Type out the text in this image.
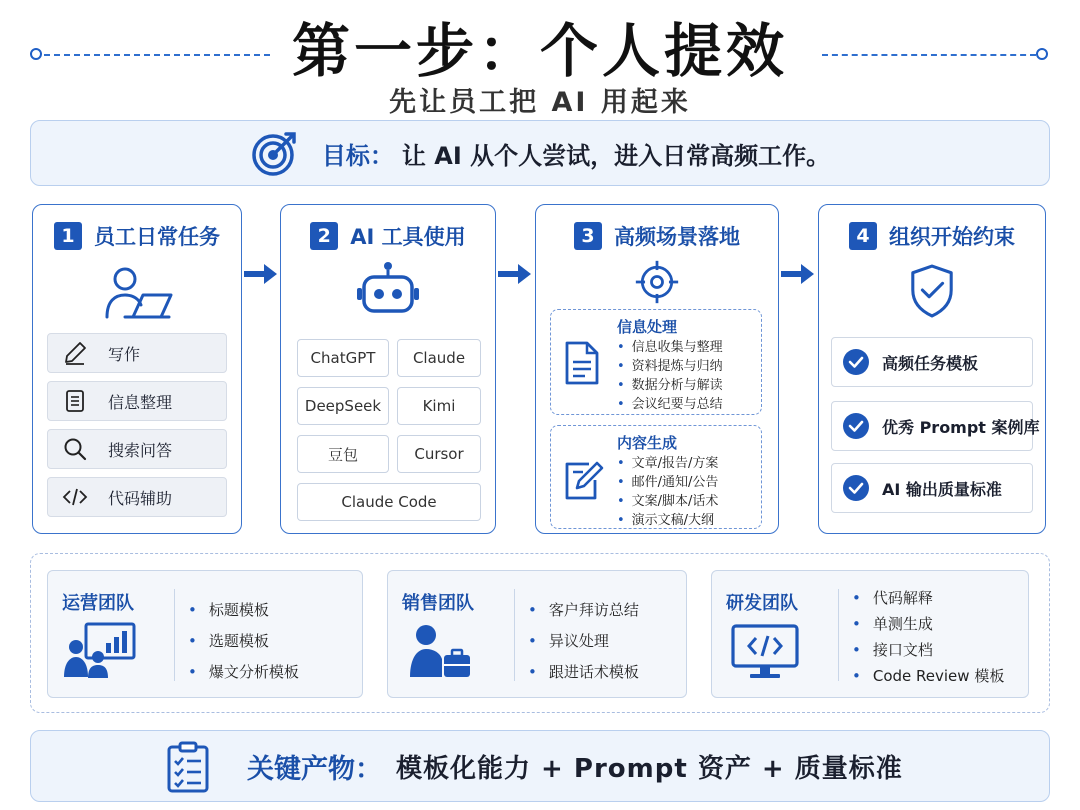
第一步：个人提效
先让员工把 AI 用起来
目标： 让 AI 从个人尝试，进入日常高频工作。
1 员工日常任务
写作
信息整理
搜索问答
代码辅助
2 AI 工具使用
ChatGPT	Claude
DeepSeek	Kimi
豆包	Cursor
Claude Code
3 高频场景落地
信息处理
• 信息收集与整理
• 资料提炼与归纳
• 数据分析与解读
• 会议纪要与总结
内容生成
• 文章/报告/方案
• 邮件/通知/公告
• 文案/脚本/话术
• 演示文稿/大纲
4 组织开始约束
高频任务模板
优秀 Prompt 案例库
AI 输出质量标准
运营团队	• 标题模板
• 选题模板
• 爆文分析模板
销售团队	• 客户拜访总结
• 异议处理
• 跟进话术模板
研发团队	• 代码解释
• 单测生成
• 接口文档
• Code Review 模板
关键产物： 模板化能力 + Prompt 资产 + 质量标准
